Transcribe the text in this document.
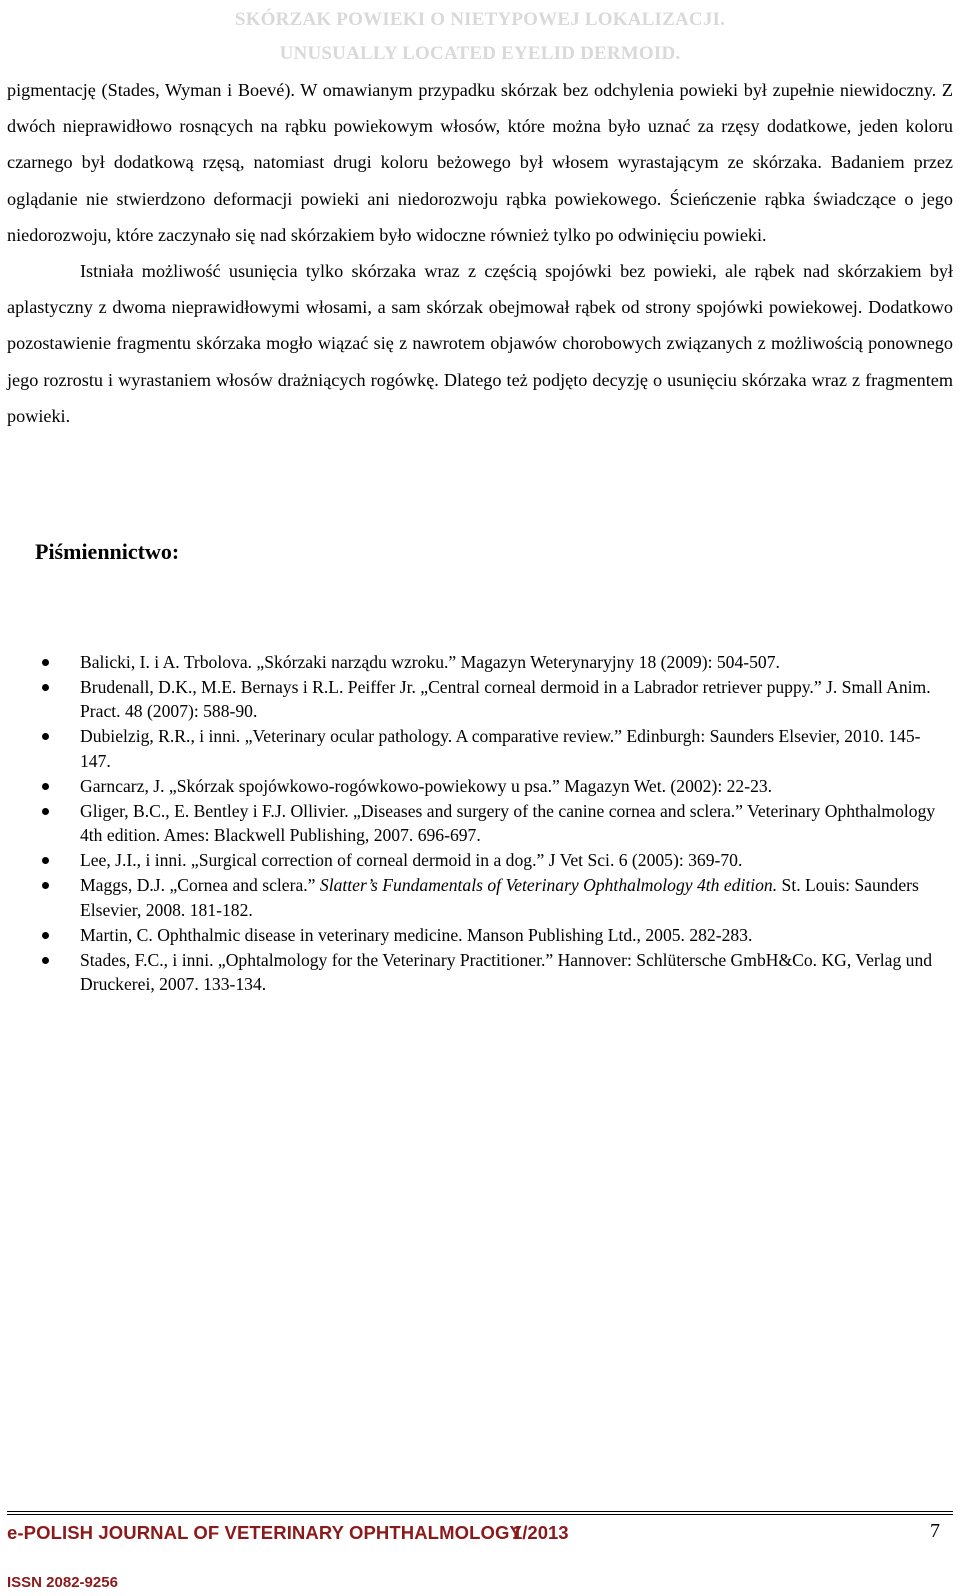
SKÓRZAK POWIEKI O NIETYPOWEJ LOKALIZACJI.
UNUSUALLY LOCATED EYELID DERMOID.

pigmentację (Stades, Wyman i Boevé). W omawianym przypadku skórzak bez odchylenia powieki był zupełnie niewidoczny. Z dwóch nieprawidłowo rosnących na rąbku powiekowym włosów, które można było uznać za rzęsy dodatkowe, jeden koloru czarnego był dodatkową rzęsą, natomiast drugi koloru beżowego był włosem wyrastającym ze skórzaka. Badaniem przez oglądanie nie stwierdzono deformacji powieki ani niedorozwoju rąbka powiekowego. Ścieńczenie rąbka świadczące o jego niedorozwoju, które zaczynało się nad skórzakiem było widoczne również tylko po odwinięciu powieki.

Istniała możliwość usunięcia tylko skórzaka wraz z częścią spojówki bez powieki, ale rąbek nad skórzakiem był aplastyczny z dwoma nieprawidłowymi włosami, a sam skórzak obejmował rąbek od strony spojówki powiekowej. Dodatkowo pozostawienie fragmentu skórzaka mogło wiązać się z nawrotem objawów chorobowych związanych z możliwością ponownego jego rozrostu i wyrastaniem włosów drażniących rogówkę. Dlatego też podjęto decyzję o usunięciu skórzaka wraz z fragmentem powieki.

Piśmiennictwo:
Balicki, I. i A. Trbolova. „Skórzaki narządu wzroku.” Magazyn Weterynaryjny 18 (2009): 504-507.
Brudenall, D.K., M.E. Bernays i R.L. Peiffer Jr. „Central corneal dermoid in a Labrador retriever puppy.” J. Small Anim. Pract. 48 (2007): 588-90.
Dubielzig, R.R., i inni. „Veterinary ocular pathology. A comparative review.” Edinburgh: Saunders Elsevier, 2010. 145-147.
Garncarz, J. „Skórzak spojówkowo-rogówkowo-powiekowy u psa.” Magazyn Wet. (2002): 22-23.
Gliger, B.C., E. Bentley i F.J. Ollivier. „Diseases and surgery of the canine cornea and sclera.” Veterinary Ophthalmology 4th edition. Ames: Blackwell Publishing, 2007. 696-697.
Lee, J.I., i inni. „Surgical correction of corneal dermoid in a dog.” J Vet Sci. 6 (2005): 369-70.
Maggs, D.J. „Cornea and sclera.” Slatter’s Fundamentals of Veterinary Ophthalmology 4th edition. St. Louis: Saunders Elsevier, 2008. 181-182.
Martin, C. Ophthalmic disease in veterinary medicine. Manson Publishing Ltd., 2005. 282-283.
Stades, F.C., i inni. „Ophtalmology for the Veterinary Practitioner.” Hannover: Schlütersche GmbH&Co. KG, Verlag und Druckerei, 2007. 133-134.
e-POLISH JOURNAL OF VETERINARY OPHTHALMOLOGY
1/2013	7
ISSN 2082-9256
